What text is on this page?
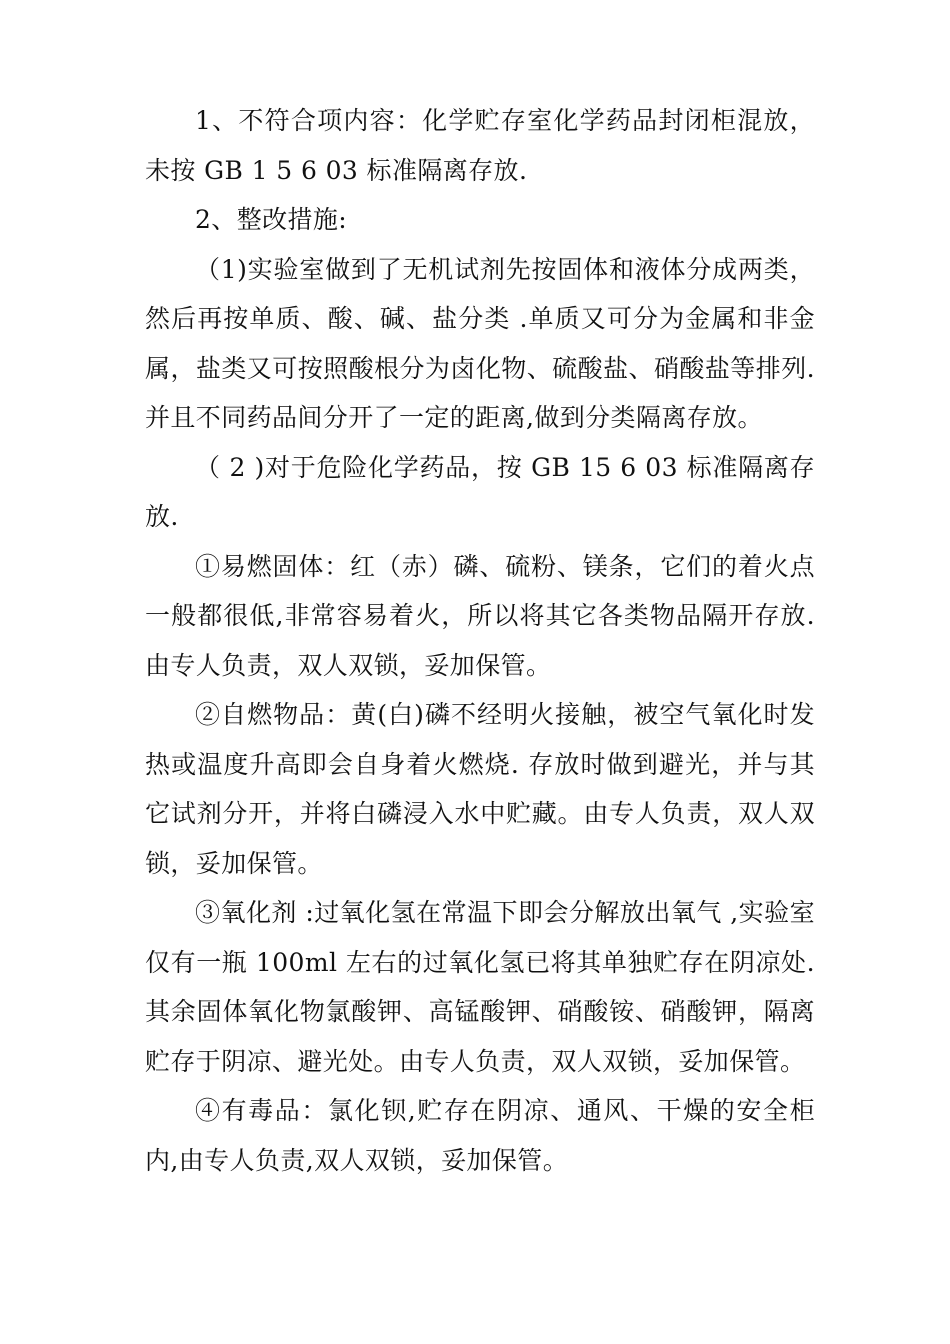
1、不符合项内容：化学贮存室化学药品封闭柜混放，未按 GB 1 5 6 03 标准隔离存放.

2、整改措施:

（1)实验室做到了无机试剂先按固体和液体分成两类，然后再按单质、酸、碱、盐分类 .单质又可分为金属和非金属，盐类又可按照酸根分为卤化物、硫酸盐、硝酸盐等排列.并且不同药品间分开了一定的距离,做到分类隔离存放。

（ 2 )对于危险化学药品，按 GB 15 6 03 标准隔离存放.

①易燃固体：红（赤）磷、硫粉、镁条，它们的着火点一般都很低,非常容易着火，所以将其它各类物品隔开存放.由专人负责，双人双锁，妥加保管。

②自燃物品：黄(白)磷不经明火接触，被空气氧化时发热或温度升高即会自身着火燃烧. 存放时做到避光，并与其它试剂分开，并将白磷浸入水中贮藏。由专人负责，双人双锁，妥加保管。

③氧化剂 :过氧化氢在常温下即会分解放出氧气 ,实验室仅有一瓶 100ml 左右的过氧化氢已将其单独贮存在阴凉处.其余固体氧化物氯酸钾、高锰酸钾、硝酸铵、硝酸钾，隔离贮存于阴凉、避光处。由专人负责，双人双锁，妥加保管。

④有毒品：氯化钡,贮存在阴凉、通风、干燥的安全柜内,由专人负责,双人双锁，妥加保管。
